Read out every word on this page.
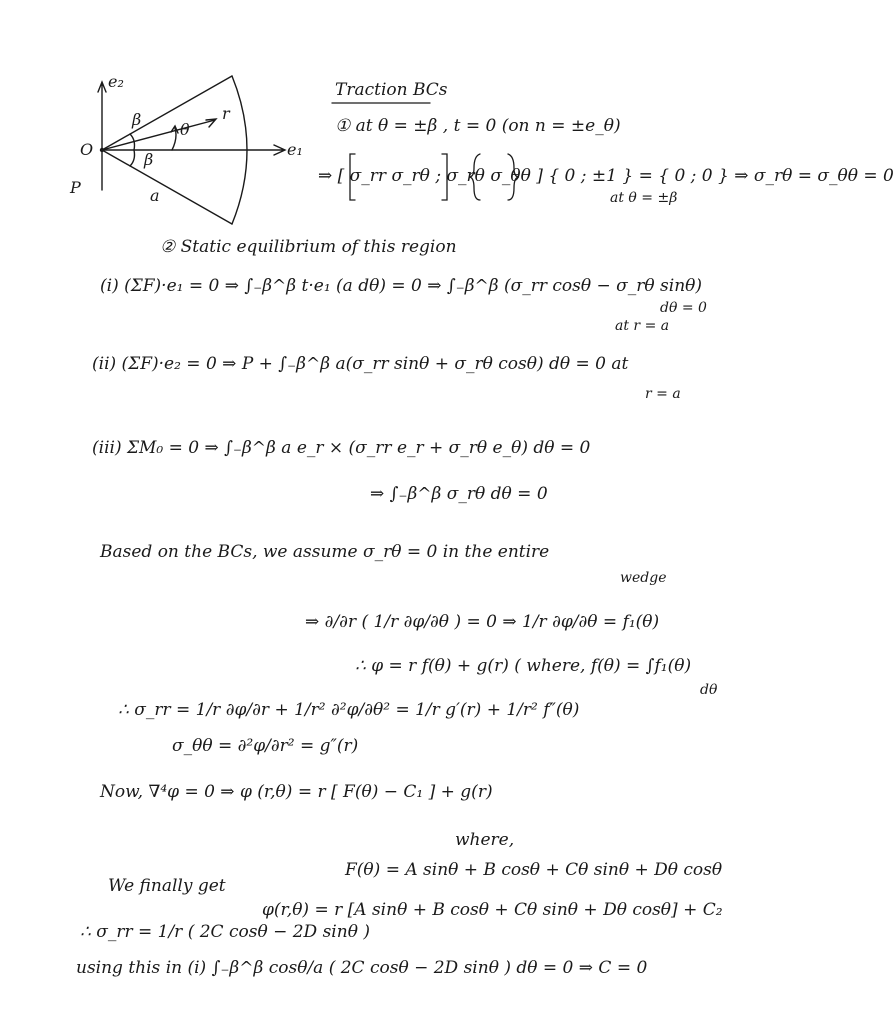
e₂
e₁
O
P	a
β
β
θ
r
Traction BCs
① at θ = ±β , t = 0 (on n = ±e_θ)
⇒ [ σ_rr σ_rθ ; σ_rθ σ_θθ ] { 0 ; ±1 } = { 0 ; 0 } ⇒ σ_rθ = σ_θθ = 0
at θ = ±β
② Static equilibrium of this region
(i) (ΣF)·e₁ = 0 ⇒ ∫₋β^β t·e₁ (a dθ) = 0 ⇒ ∫₋β^β (σ_rr cosθ − σ_rθ sinθ)
dθ = 0
at r = a
(ii) (ΣF)·e₂ = 0 ⇒ P + ∫₋β^β a(σ_rr sinθ + σ_rθ cosθ) dθ = 0 at
r = a
(iii) ΣM₀ = 0 ⇒ ∫₋β^β a e_r × (σ_rr e_r + σ_rθ e_θ) dθ = 0
⇒ ∫₋β^β σ_rθ dθ = 0
Based on the BCs, we assume σ_rθ = 0 in the entire
wedge
⇒ ∂/∂r ( 1/r ∂φ/∂θ ) = 0 ⇒ 1/r ∂φ/∂θ = f₁(θ)
∴ φ = r f(θ) + g(r) ( where, f(θ) = ∫f₁(θ)
dθ
∴ σ_rr = 1/r ∂φ/∂r + 1/r² ∂²φ/∂θ² = 1/r g′(r) + 1/r² f″(θ)
σ_θθ = ∂²φ/∂r² = g″(r)
Now, ∇⁴φ = 0 ⇒ φ (r,θ) = r [ F(θ) − C₁ ] + g(r)
where,
F(θ) = A sinθ + B cosθ + Cθ sinθ + Dθ cosθ
We finally get
φ(r,θ) = r [A sinθ + B cosθ + Cθ sinθ + Dθ cosθ] + C₂
∴ σ_rr = 1/r ( 2C cosθ − 2D sinθ )
using this in (i) ∫₋β^β cosθ/a ( 2C cosθ − 2D sinθ ) dθ = 0 ⇒ C = 0
